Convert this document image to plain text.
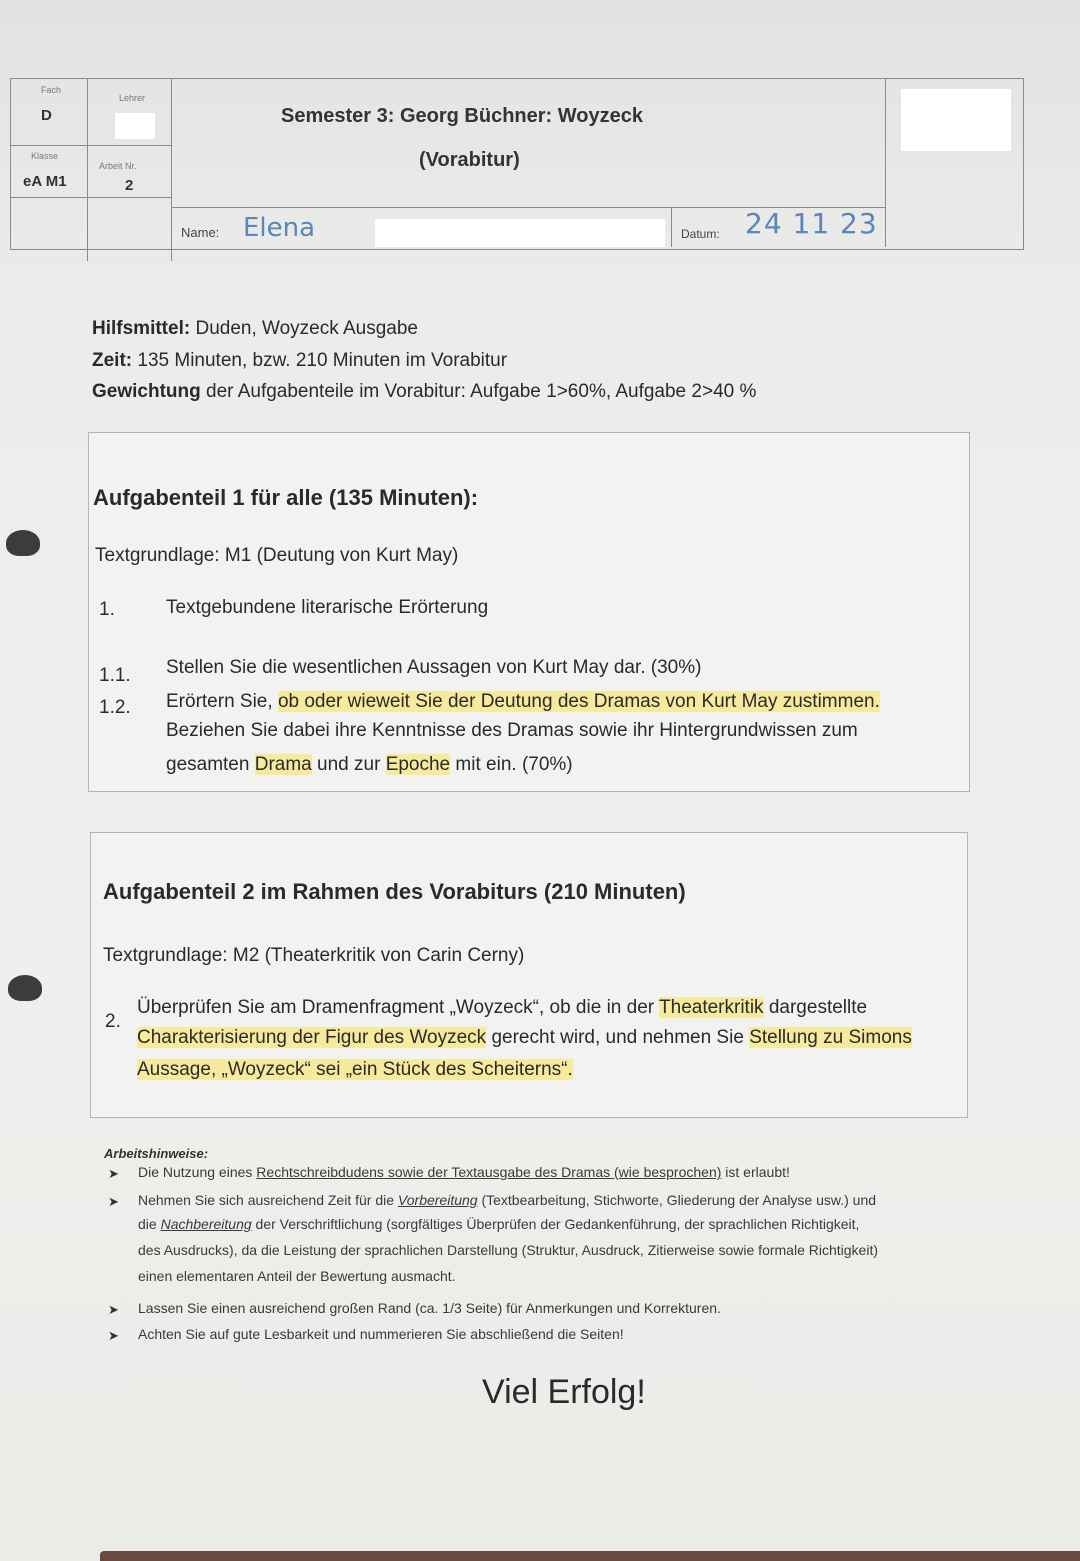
Fach
D
Lehrer
Klasse
eA M1
Arbeit Nr.
2
Semester 3: Georg Büchner: Woyzeck
(Vorabitur)
Name: Elena	Datum: 24 11 23
Hilfsmittel: Duden, Woyzeck Ausgabe
Zeit: 135 Minuten, bzw. 210 Minuten im Vorabitur
Gewichtung der Aufgabenteile im Vorabitur: Aufgabe 1>60%, Aufgabe 2>40 %
Aufgabenteil 1 für alle (135 Minuten):
Textgrundlage: M1 (Deutung von Kurt May)
1.	Textgebundene literarische Erörterung
1.1. Stellen Sie die wesentlichen Aussagen von Kurt May dar. (30%)
1.2. Erörtern Sie, ob oder wieweit Sie der Deutung des Dramas von Kurt May zustimmen.
Beziehen Sie dabei ihre Kenntnisse des Dramas sowie ihr Hintergrundwissen zum
gesamten Drama und zur Epoche mit ein. (70%)
Aufgabenteil 2 im Rahmen des Vorabiturs (210 Minuten)
Textgrundlage: M2 (Theaterkritik von Carin Cerny)
2.
Überprüfen Sie am Dramenfragment „Woyzeck“, ob die in der Theaterkritik dargestellte
Charakterisierung der Figur des Woyzeck gerecht wird, und nehmen Sie Stellung zu Simons
Aussage, „Woyzeck“ sei „ein Stück des Scheiterns“.
Arbeitshinweise:
➤ Die Nutzung eines Rechtschreibdudens sowie der Textausgabe des Dramas (wie besprochen) ist erlaubt!
➤ Nehmen Sie sich ausreichend Zeit für die Vorbereitung (Textbearbeitung, Stichworte, Gliederung der Analyse usw.) und
die Nachbereitung der Verschriftlichung (sorgfältiges Überprüfen der Gedankenführung, der sprachlichen Richtigkeit,
des Ausdrucks), da die Leistung der sprachlichen Darstellung (Struktur, Ausdruck, Zitierweise sowie formale Richtigkeit)
einen elementaren Anteil der Bewertung ausmacht.
➤ Lassen Sie einen ausreichend großen Rand (ca. 1/3 Seite) für Anmerkungen und Korrekturen.
➤ Achten Sie auf gute Lesbarkeit und nummerieren Sie abschließend die Seiten!
Viel Erfolg!
